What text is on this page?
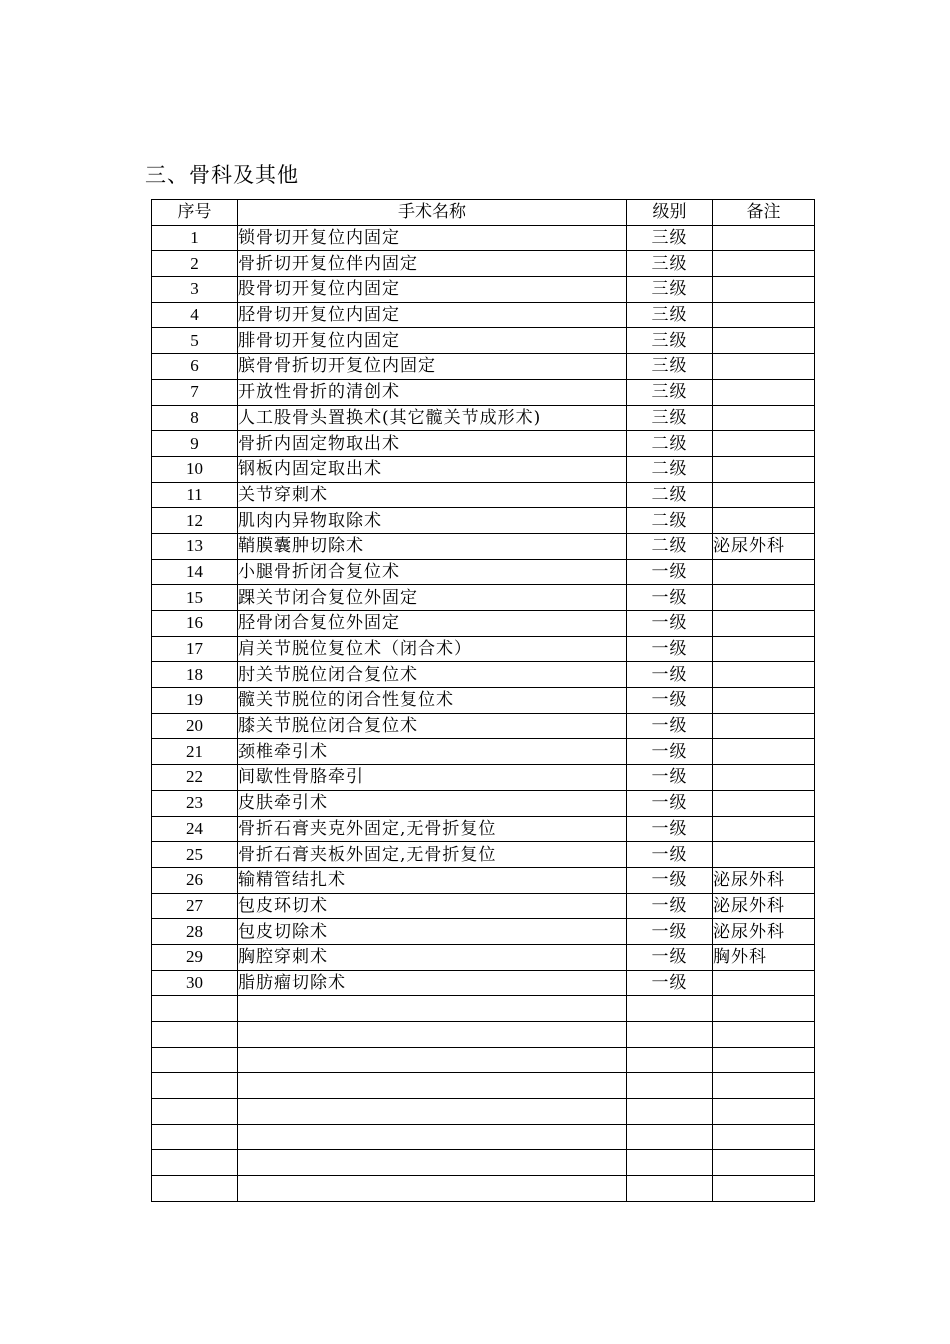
三、骨科及其他
序号	手术名称	级别	备注
1	锁骨切开复位内固定	三级	
2	骨折切开复位伴内固定	三级	
3	股骨切开复位内固定	三级	
4	胫骨切开复位内固定	三级	
5	腓骨切开复位内固定	三级	
6	膑骨骨折切开复位内固定	三级	
7	开放性骨折的清创术	三级	
8	人工股骨头置换术(其它髋关节成形术)	三级	
9	骨折内固定物取出术	二级	
10	钢板内固定取出术	二级	
11	关节穿刺术	二级	
12	肌肉内异物取除术	二级	
13	鞘膜囊肿切除术	二级	泌尿外科
14	小腿骨折闭合复位术	一级	
15	踝关节闭合复位外固定	一级	
16	胫骨闭合复位外固定	一级	
17	肩关节脱位复位术（闭合术）	一级	
18	肘关节脱位闭合复位术	一级	
19	髋关节脱位的闭合性复位术	一级	
20	膝关节脱位闭合复位术	一级	
21	颈椎牵引术	一级	
22	间歇性骨胳牵引	一级	
23	皮肤牵引术	一级	
24	骨折石膏夹克外固定,无骨折复位	一级	
25	骨折石膏夹板外固定,无骨折复位	一级	
26	输精管结扎术	一级	泌尿外科
27	包皮环切术	一级	泌尿外科
28	包皮切除术	一级	泌尿外科
29	胸腔穿刺术	一级	胸外科
30	脂肪瘤切除术	一级	
